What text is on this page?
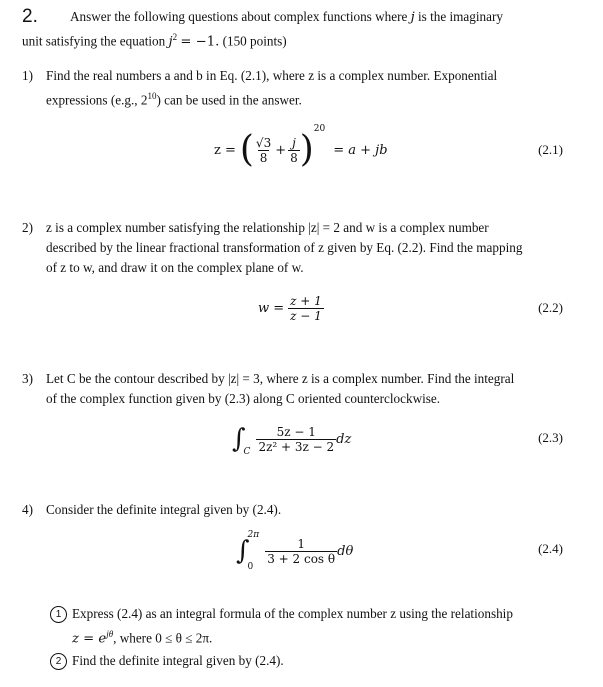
2. Answer the following questions about complex functions where j is the imaginary
unit satisfying the equation $j^2 = -1$. (150 points)
1) Find the real numbers a and b in Eq. (2.1), where z is a complex number. Exponential
expressions (e.g., $2^{10}$) can be used in the answer.
z = ( $\frac{√3}{8} + \frac{j}{8}$ ) 20
= a + jb	(2.1)
2) z is a complex number satisfying the relationship |z| = 2 and w is a complex number
described by the linear fractional transformation of z given by Eq. (2.2). Find the mapping
of z to w, and draw it on the complex plane of w.
$w = \frac{z + 1}{z - 1}$	(2.2)
3) Let C be the contour described by |z| = 3, where z is a complex number. Find the integral
of the complex function given by (2.3) along C oriented counterclockwise.
∫
C $\frac{5z - 1}{\text{2z² + 3z − 2}}$ dz	(2.3)
4) Consider the definite integral given by (2.4).
∫
2π
0
$\frac{1}{\text{3 + 2 cos θ}}$ dθ	(2.4)
1 Express (2.4) as an integral formula of the complex number z using the relationship
$z = e^{j\theta}$, where 0 ≤ θ ≤ 2π.
2 Find the definite integral given by (2.4).
